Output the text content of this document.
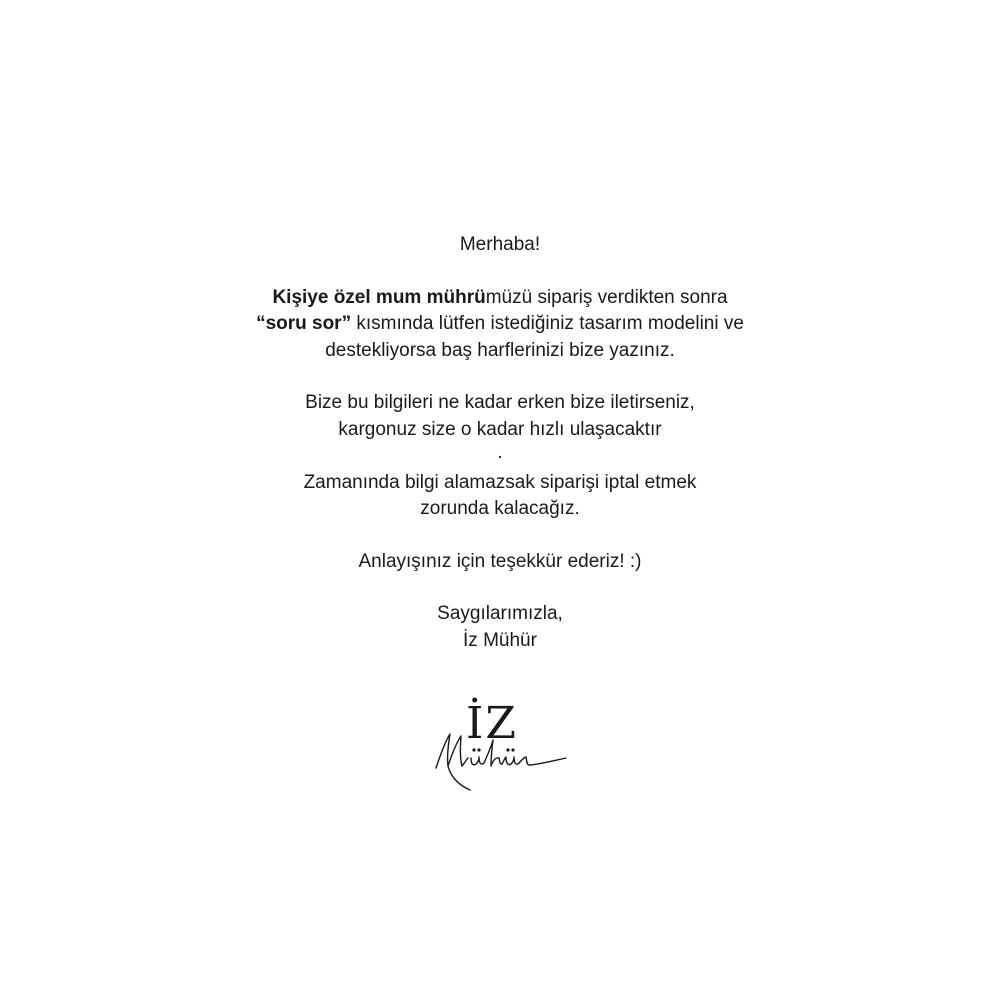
Merhaba!

Kişiye özel mum mührümüzü sipariş verdikten sonra

“soru sor” kısmında lütfen istediğiniz tasarım modelini ve

destekliyorsa baş harflerinizi bize yazınız.

Bize bu bilgileri ne kadar erken bize iletirseniz,

kargonuz size o kadar hızlı ulaşacaktır

.

Zamanında bilgi alamazsak siparişi iptal etmek

zorunda kalacağız.

Anlayışınız için teşekkür ederiz! :)

Saygılarımızla,

İz Mühür

İZ
